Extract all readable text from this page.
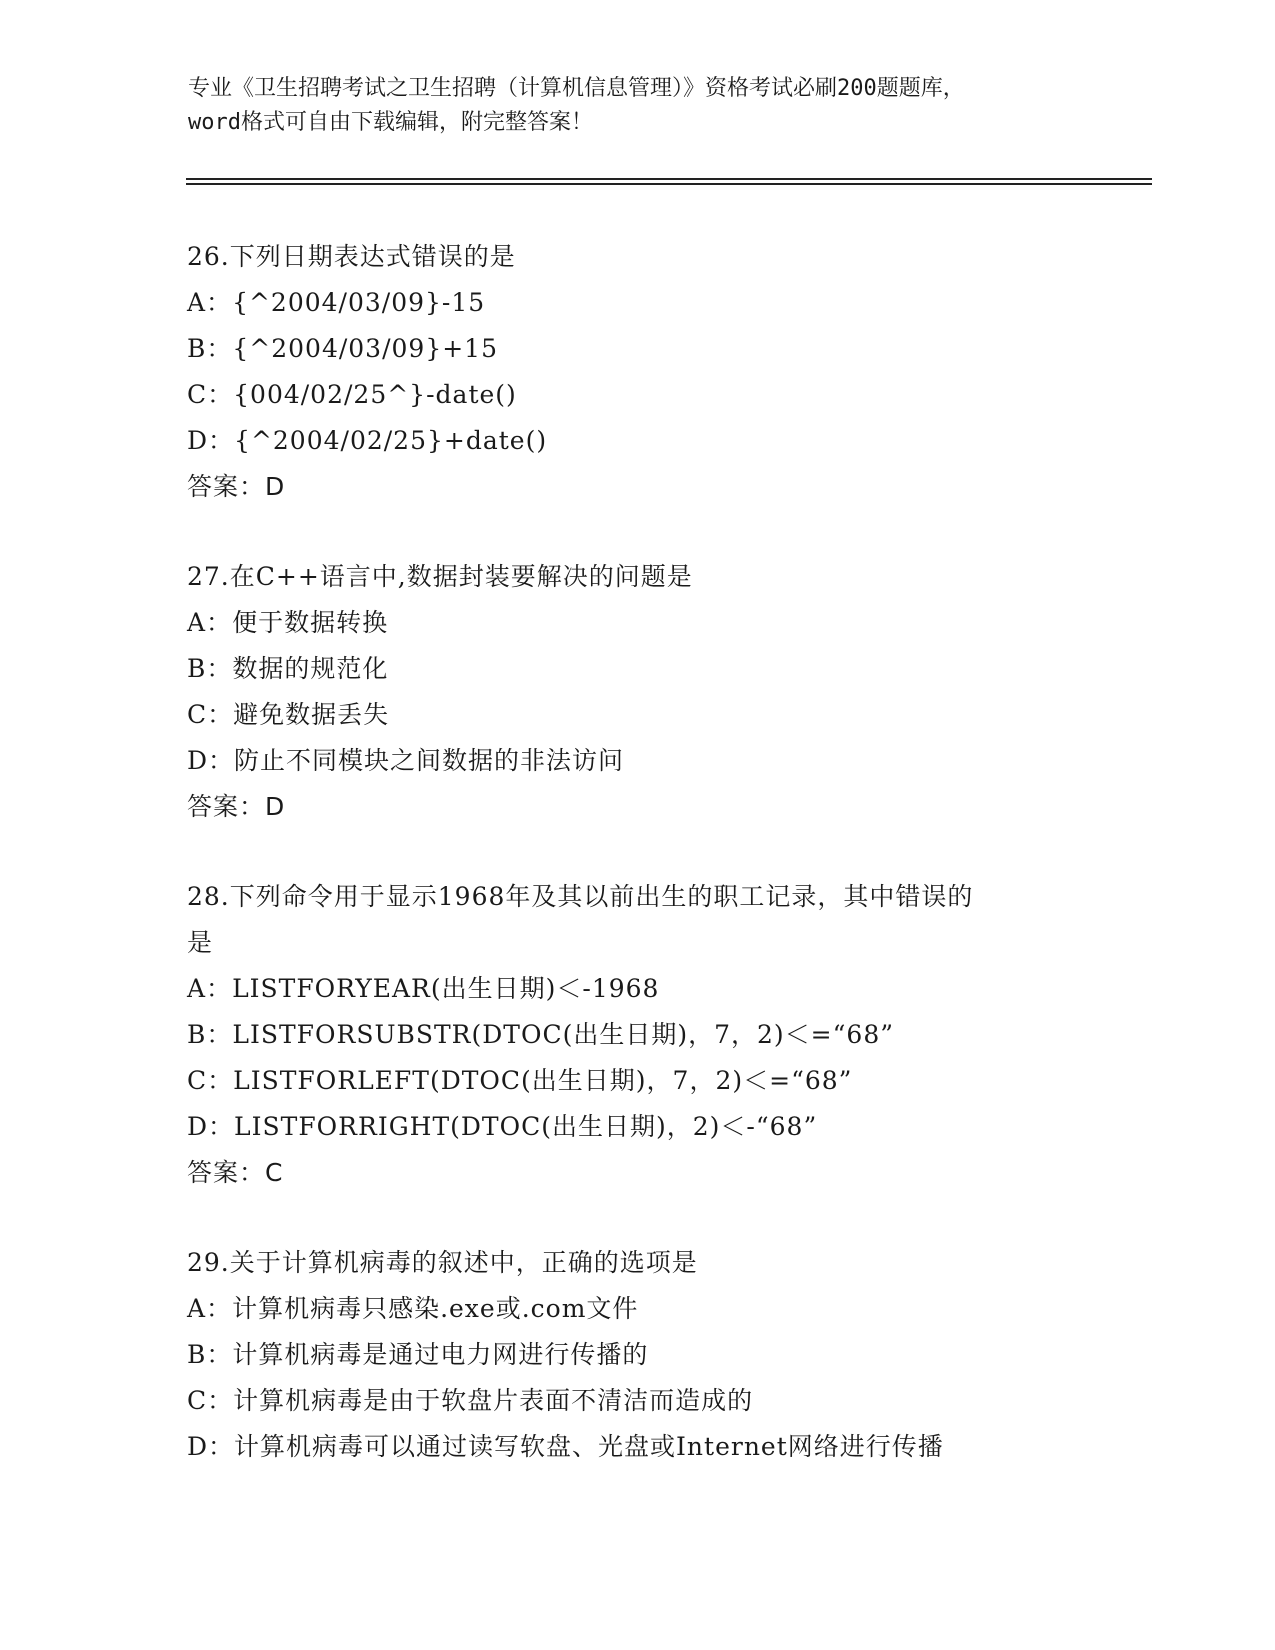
专业《卫生招聘考试之卫生招聘（计算机信息管理）》资格考试必刷200题题库，
word格式可自由下载编辑，附完整答案！
26.下列日期表达式错误的是
A：{^2004/03/09}-15
B：{^2004/03/09}+15
C：{004/02/25^}-date()
D：{^2004/02/25}+date()
答案：D
27.在C++语言中,数据封装要解决的问题是
A：便于数据转换
B：数据的规范化
C：避免数据丢失
D：防止不同模块之间数据的非法访问
答案：D
28.下列命令用于显示1968年及其以前出生的职工记录，其中错误的
是
A：LISTFORYEAR(出生日期)＜-1968
B：LISTFORSUBSTR(DTOC(出生日期)，7，2)＜=“68”
C：LISTFORLEFT(DTOC(出生日期)，7，2)＜=“68”
D：LISTFORRIGHT(DTOC(出生日期)，2)＜-“68”
答案：C
29.关于计算机病毒的叙述中，正确的选项是
A：计算机病毒只感染.exe或.com文件
B：计算机病毒是通过电力网进行传播的
C：计算机病毒是由于软盘片表面不清洁而造成的
D：计算机病毒可以通过读写软盘、光盘或Internet网络进行传播
